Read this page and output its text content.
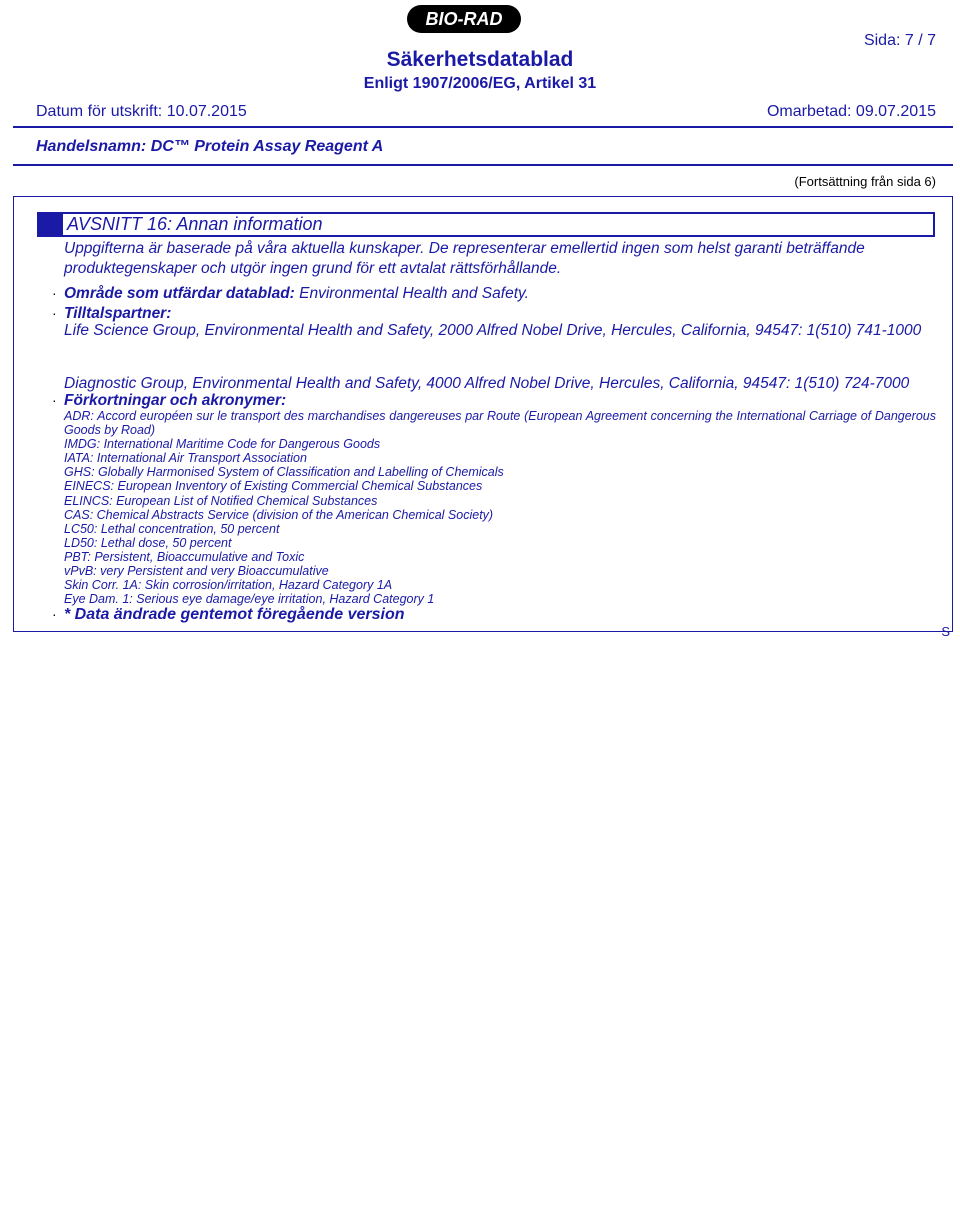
BIO-RAD
Sida: 7 / 7
Säkerhetsdatablad
Enligt 1907/2006/EG, Artikel 31
Datum för utskrift: 10.07.2015	Omarbetad: 09.07.2015
Handelsnamn: DC™ Protein Assay Reagent A
(Fortsättning från sida 6)
AVSNITT 16: Annan information
Uppgifterna är baserade på våra aktuella kunskaper. De representerar emellertid ingen som helst garanti beträffande produktegenskaper och utgör ingen grund för ett avtalat rättsförhållande.
· Område som utfärdar datablad: Environmental Health and Safety.
· Tilltalspartner:
Life Science Group, Environmental Health and Safety, 2000 Alfred Nobel Drive, Hercules, California, 94547: 1(510) 741-1000
Diagnostic Group, Environmental Health and Safety, 4000 Alfred Nobel Drive, Hercules, California, 94547: 1(510) 724-7000
· Förkortningar och akronymer:
ADR: Accord européen sur le transport des marchandises dangereuses par Route (European Agreement concerning the International Carriage of Dangerous Goods by Road)
IMDG: International Maritime Code for Dangerous Goods
IATA: International Air Transport Association
GHS: Globally Harmonised System of Classification and Labelling of Chemicals
EINECS: European Inventory of Existing Commercial Chemical Substances
ELINCS: European List of Notified Chemical Substances
CAS: Chemical Abstracts Service (division of the American Chemical Society)
LC50: Lethal concentration, 50 percent
LD50: Lethal dose, 50 percent
PBT: Persistent, Bioaccumulative and Toxic
vPvB: very Persistent and very Bioaccumulative
Skin Corr. 1A: Skin corrosion/irritation, Hazard Category 1A
Eye Dam. 1: Serious eye damage/eye irritation, Hazard Category 1
· * Data ändrade gentemot föregående version
S
